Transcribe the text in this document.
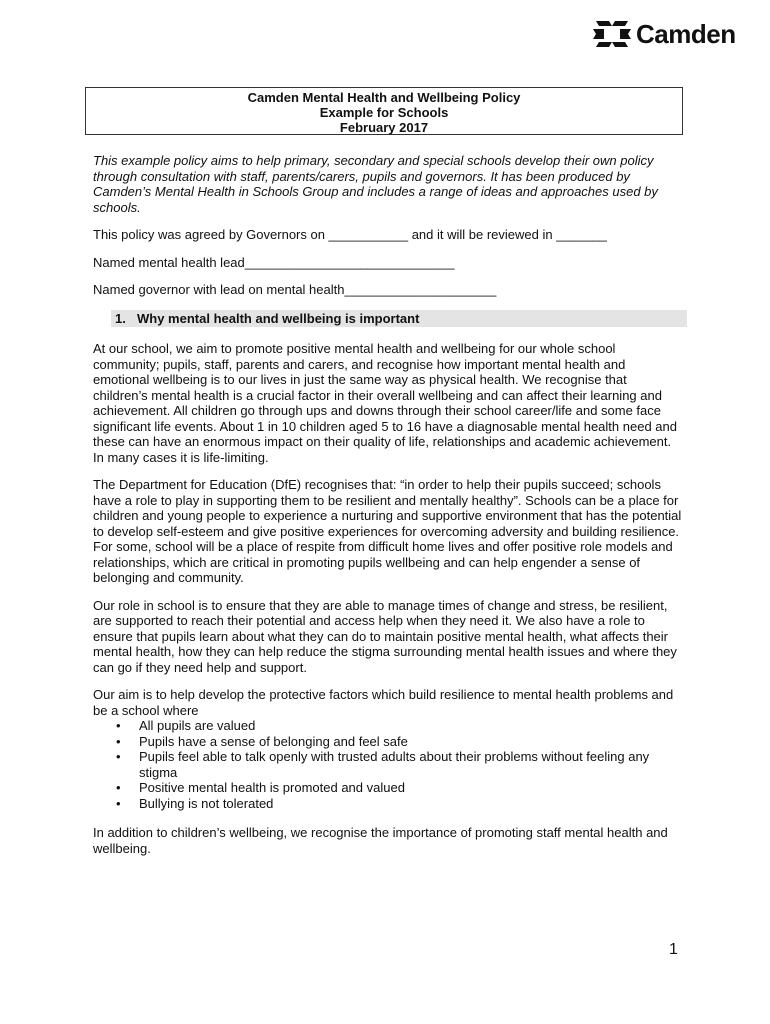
Camden
Camden Mental Health and Wellbeing Policy
Example for Schools
February 2017

This example policy aims to help primary, secondary and special schools develop their own policy through consultation with staff, parents/carers, pupils and governors. It has been produced by Camden’s Mental Health in Schools Group and includes a range of ideas and approaches used by schools.

This policy was agreed by Governors on ___________ and it will be reviewed in _______

Named mental health lead_____________________________

Named governor with lead on mental health_____________________

1. Why mental health and wellbeing is important

At our school, we aim to promote positive mental health and wellbeing for our whole school community; pupils, staff, parents and carers, and recognise how important mental health and emotional wellbeing is to our lives in just the same way as physical health. We recognise that children’s mental health is a crucial factor in their overall wellbeing and can affect their learning and achievement. All children go through ups and downs through their school career/life and some face significant life events. About 1 in 10 children aged 5 to 16 have a diagnosable mental health need and these can have an enormous impact on their quality of life, relationships and academic achievement. In many cases it is life-limiting.

The Department for Education (DfE) recognises that: “in order to help their pupils succeed; schools have a role to play in supporting them to be resilient and mentally healthy”. Schools can be a place for children and young people to experience a nurturing and supportive environment that has the potential to develop self-esteem and give positive experiences for overcoming adversity and building resilience. For some, school will be a place of respite from difficult home lives and offer positive role models and relationships, which are critical in promoting pupils wellbeing and can help engender a sense of belonging and community.

Our role in school is to ensure that they are able to manage times of change and stress, be resilient, are supported to reach their potential and access help when they need it. We also have a role to ensure that pupils learn about what they can do to maintain positive mental health, what affects their mental health, how they can help reduce the stigma surrounding mental health issues and where they can go if they need help and support.

Our aim is to help develop the protective factors which build resilience to mental health problems and be a school where

• All pupils are valued
• Pupils have a sense of belonging and feel safe
• Pupils feel able to talk openly with trusted adults about their problems without feeling any stigma
• Positive mental health is promoted and valued
• Bullying is not tolerated

In addition to children’s wellbeing, we recognise the importance of promoting staff mental health and wellbeing.

1
